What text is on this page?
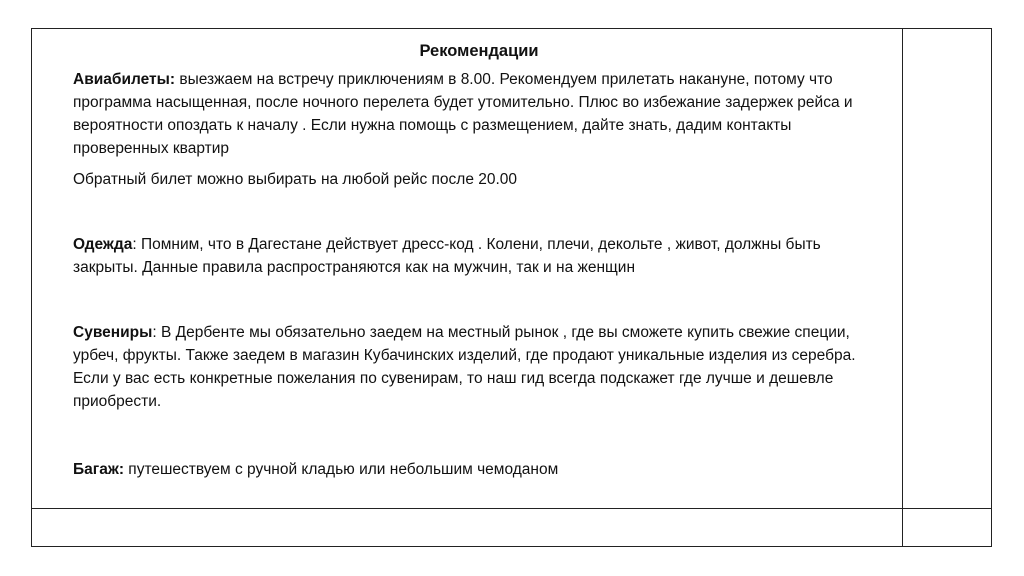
Рекомендации

Авиабилеты: выезжаем на встречу приключениям в 8.00. Рекомендуем прилетать накануне, потому что программа насыщенная, после ночного перелета будет утомительно. Плюс во избежание задержек рейса и вероятности опоздать к началу . Если нужна помощь с размещением, дайте знать, дадим контакты проверенных квартир

Обратный билет можно выбирать на любой рейс после 20.00

Одежда: Помним, что в Дагестане действует дресс-код . Колени, плечи, декольте , живот, должны быть закрыты. Данные правила распространяются как на мужчин, так и на женщин

Сувениры: В Дербенте мы обязательно заедем на местный рынок , где вы сможете купить свежие специи, урбеч, фрукты. Также заедем в магазин Кубачинских изделий, где продают уникальные изделия из серебра. Если у вас есть конкретные пожелания по сувенирам, то наш гид всегда подскажет где лучше и дешевле приобрести.

Багаж: путешествуем с ручной кладью или небольшим чемоданом
